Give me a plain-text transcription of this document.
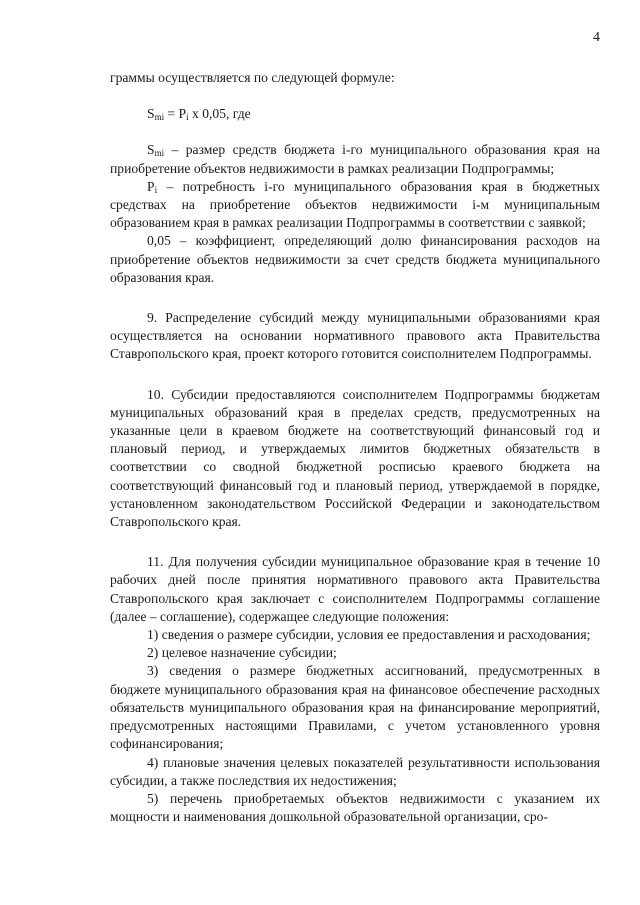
4

граммы осуществляется по следующей формуле:

$S_{mi} = P_i$ x 0,05, где

$S_{mi}$ – размер средств бюджета i-го муниципального образования края на приобретение объектов недвижимости в рамках реализации Подпрограммы;

$P_i$ – потребность i-го муниципального образования края в бюджетных средствах на приобретение объектов недвижимости i-м муниципальным образованием края в рамках реализации Подпрограммы в соответствии с заявкой;

0,05 – коэффициент, определяющий долю финансирования расходов на приобретение объектов недвижимости за счет средств бюджета муниципального образования края.

9. Распределение субсидий между муниципальными образованиями края осуществляется на основании нормативного правового акта Правительства Ставропольского края, проект которого готовится соисполнителем Подпрограммы.

10. Субсидии предоставляются соисполнителем Подпрограммы бюджетам муниципальных образований края в пределах средств, предусмотренных на указанные цели в краевом бюджете на соответствующий финансовый год и плановый период, и утверждаемых лимитов бюджетных обязательств в соответствии со сводной бюджетной росписью краевого бюджета на соответствующий финансовый год и плановый период, утверждаемой в порядке, установленном законодательством Российской Федерации и законодательством Ставропольского края.

11. Для получения субсидии муниципальное образование края в течение 10 рабочих дней после принятия нормативного правового акта Правительства Ставропольского края заключает с соисполнителем Подпрограммы соглашение (далее – соглашение), содержащее следующие положения:

1) сведения о размере субсидии, условия ее предоставления и расходования;

2) целевое назначение субсидии;

3) сведения о размере бюджетных ассигнований, предусмотренных в бюджете муниципального образования края на финансовое обеспечение расходных обязательств муниципального образования края на финансирование мероприятий, предусмотренных настоящими Правилами, с учетом установленного уровня софинансирования;

4) плановые значения целевых показателей результативности использования субсидии, а также последствия их недостижения;

5) перечень приобретаемых объектов недвижимости с указанием их мощности и наименования дошкольной образовательной организации, сро-
